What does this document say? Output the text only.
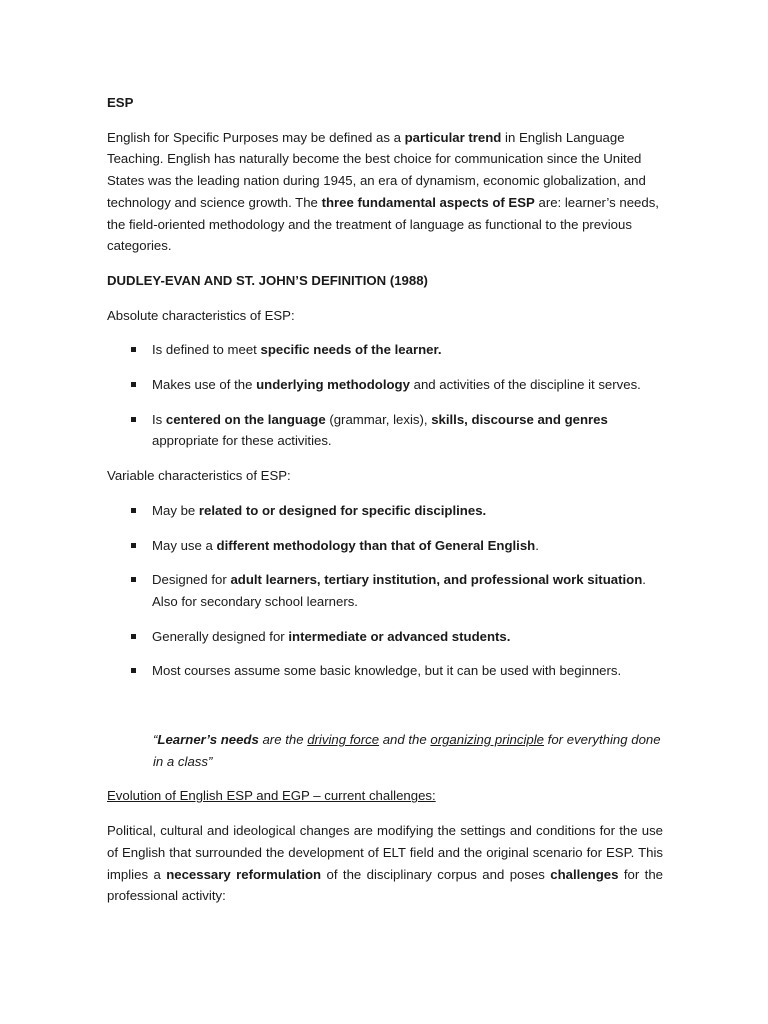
ESP

English for Specific Purposes may be defined as a particular trend in English Language Teaching. English has naturally become the best choice for communication since the United States was the leading nation during 1945, an era of dynamism, economic globalization, and technology and science growth. The three fundamental aspects of ESP are: learner’s needs, the field-oriented methodology and the treatment of language as functional to the previous categories.

DUDLEY-EVAN AND ST. JOHN’S DEFINITION (1988)

Absolute characteristics of ESP:

Is defined to meet specific needs of the learner.

Makes use of the underlying methodology and activities of the discipline it serves.

Is centered on the language (grammar, lexis), skills, discourse and genres appropriate for these activities.

Variable characteristics of ESP:

May be related to or designed for specific disciplines.

May use a different methodology than that of General English.

Designed for adult learners, tertiary institution, and professional work situation. Also for secondary school learners.

Generally designed for intermediate or advanced students.

Most courses assume some basic knowledge, but it can be used with beginners.

“Learner’s needs are the driving force and the organizing principle for everything done in a class”

Evolution of English ESP and EGP – current challenges:

Political, cultural and ideological changes are modifying the settings and conditions for the use of English that surrounded the development of ELT field and the original scenario for ESP. This implies a necessary reformulation of the disciplinary corpus and poses challenges for the professional activity:
